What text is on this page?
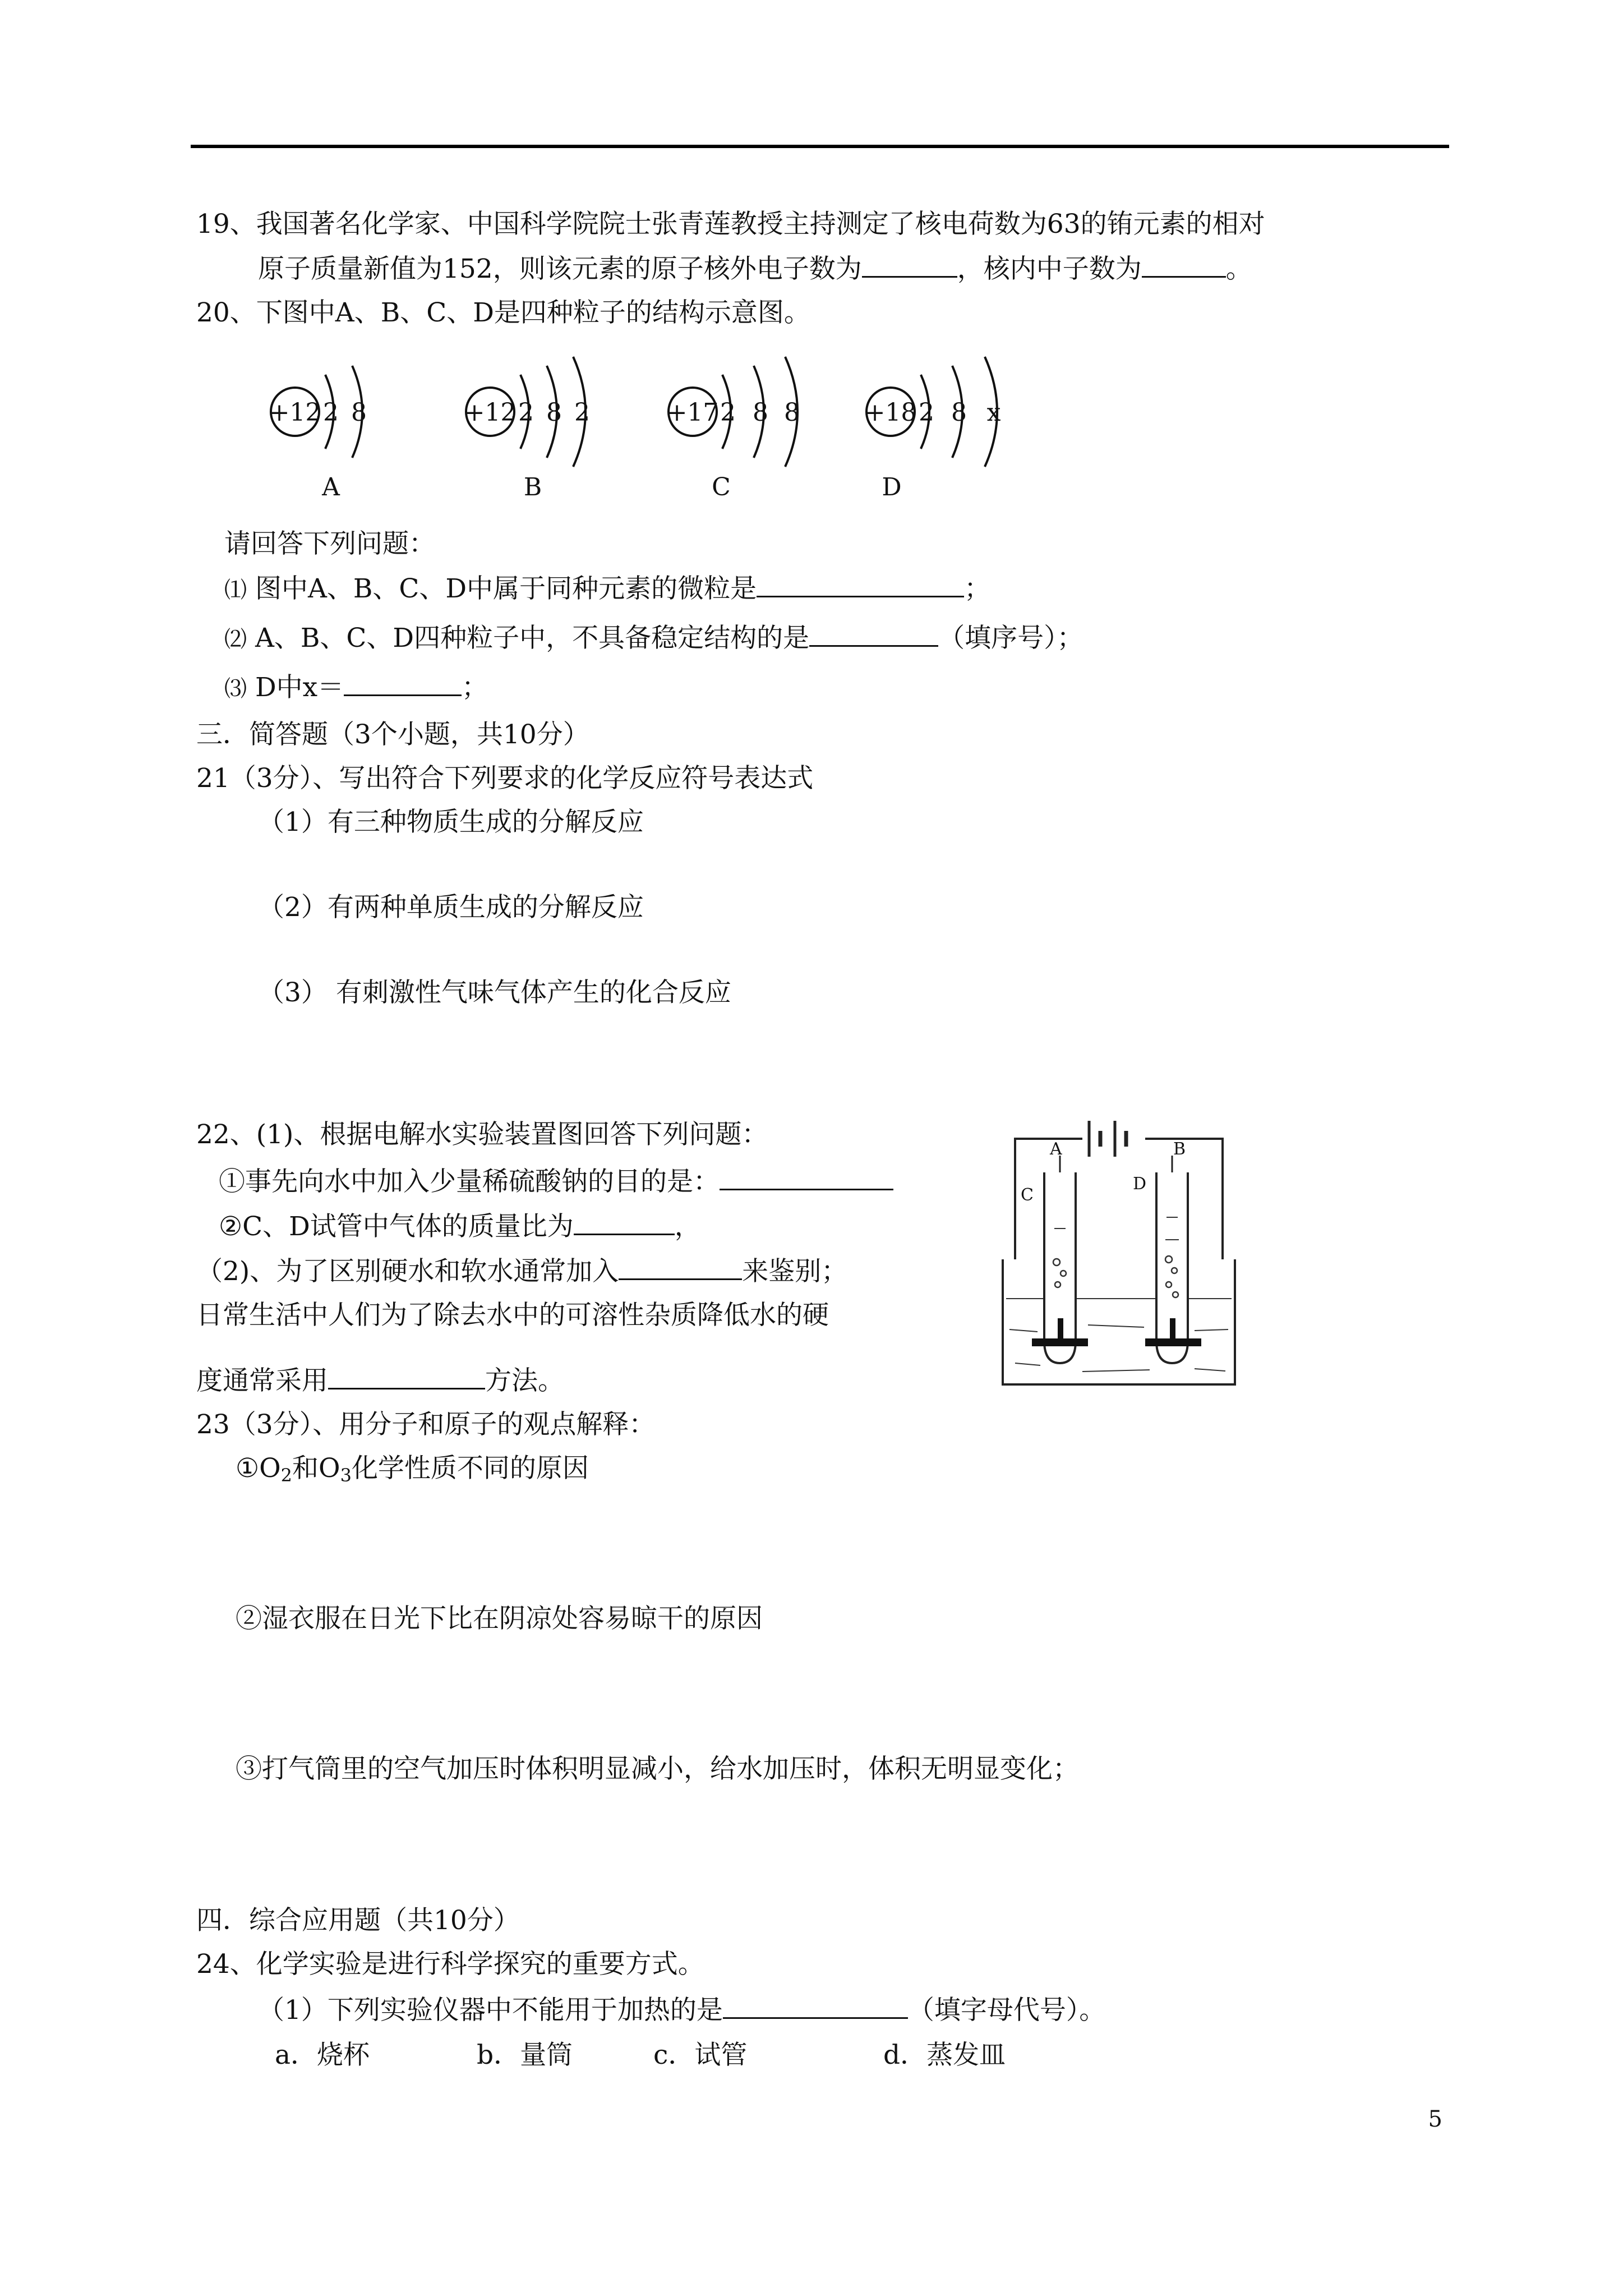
19、我国著名化学家、中国科学院院士张青莲教授主持测定了核电荷数为63的铕元素的相对
原子质量新值为152，则该元素的原子核外电子数为	，核内中子数为	。
20、下图中A、B、C、D是四种粒子的结构示意图。
+12 2 8	+12 2 8 2	+17 2 8 8	+18 2 8 x
A	B	C	D
请回答下列问题：
⑴ 图中A、B、C、D中属于同种元素的微粒是	；
⑵ A、B、C、D四种粒子中，不具备稳定结构的是	（填序号）；
⑶ D中x＝	；
三．简答题（3个小题，共10分）
21（3分）、写出符合下列要求的化学反应符号表达式
（1）有三种物质生成的分解反应
（2）有两种单质生成的分解反应
（3） 有刺激性气味气体产生的化合反应
22、(1)、根据电解水实验装置图回答下列问题：
①事先向水中加入少量稀硫酸钠的目的是：
②C、D试管中气体的质量比为	，
（2)、为了区别硬水和软水通常加入	来鉴别；
日常生活中人们为了除去水中的可溶性杂质降低水的硬
度通常采用	方法。
A	B
C
D
23（3分）、用分子和原子的观点解释：
$①O_2$和$O_3$化学性质不同的原因
②湿衣服在日光下比在阴凉处容易晾干的原因
③打气筒里的空气加压时体积明显减小，给水加压时，体积无明显变化；
四．综合应用题（共10分）
24、化学实验是进行科学探究的重要方式。
（1）下列实验仪器中不能用于加热的是	（填字母代号）。
a．烧杯	b．量筒	c．试管	d．蒸发皿
5
